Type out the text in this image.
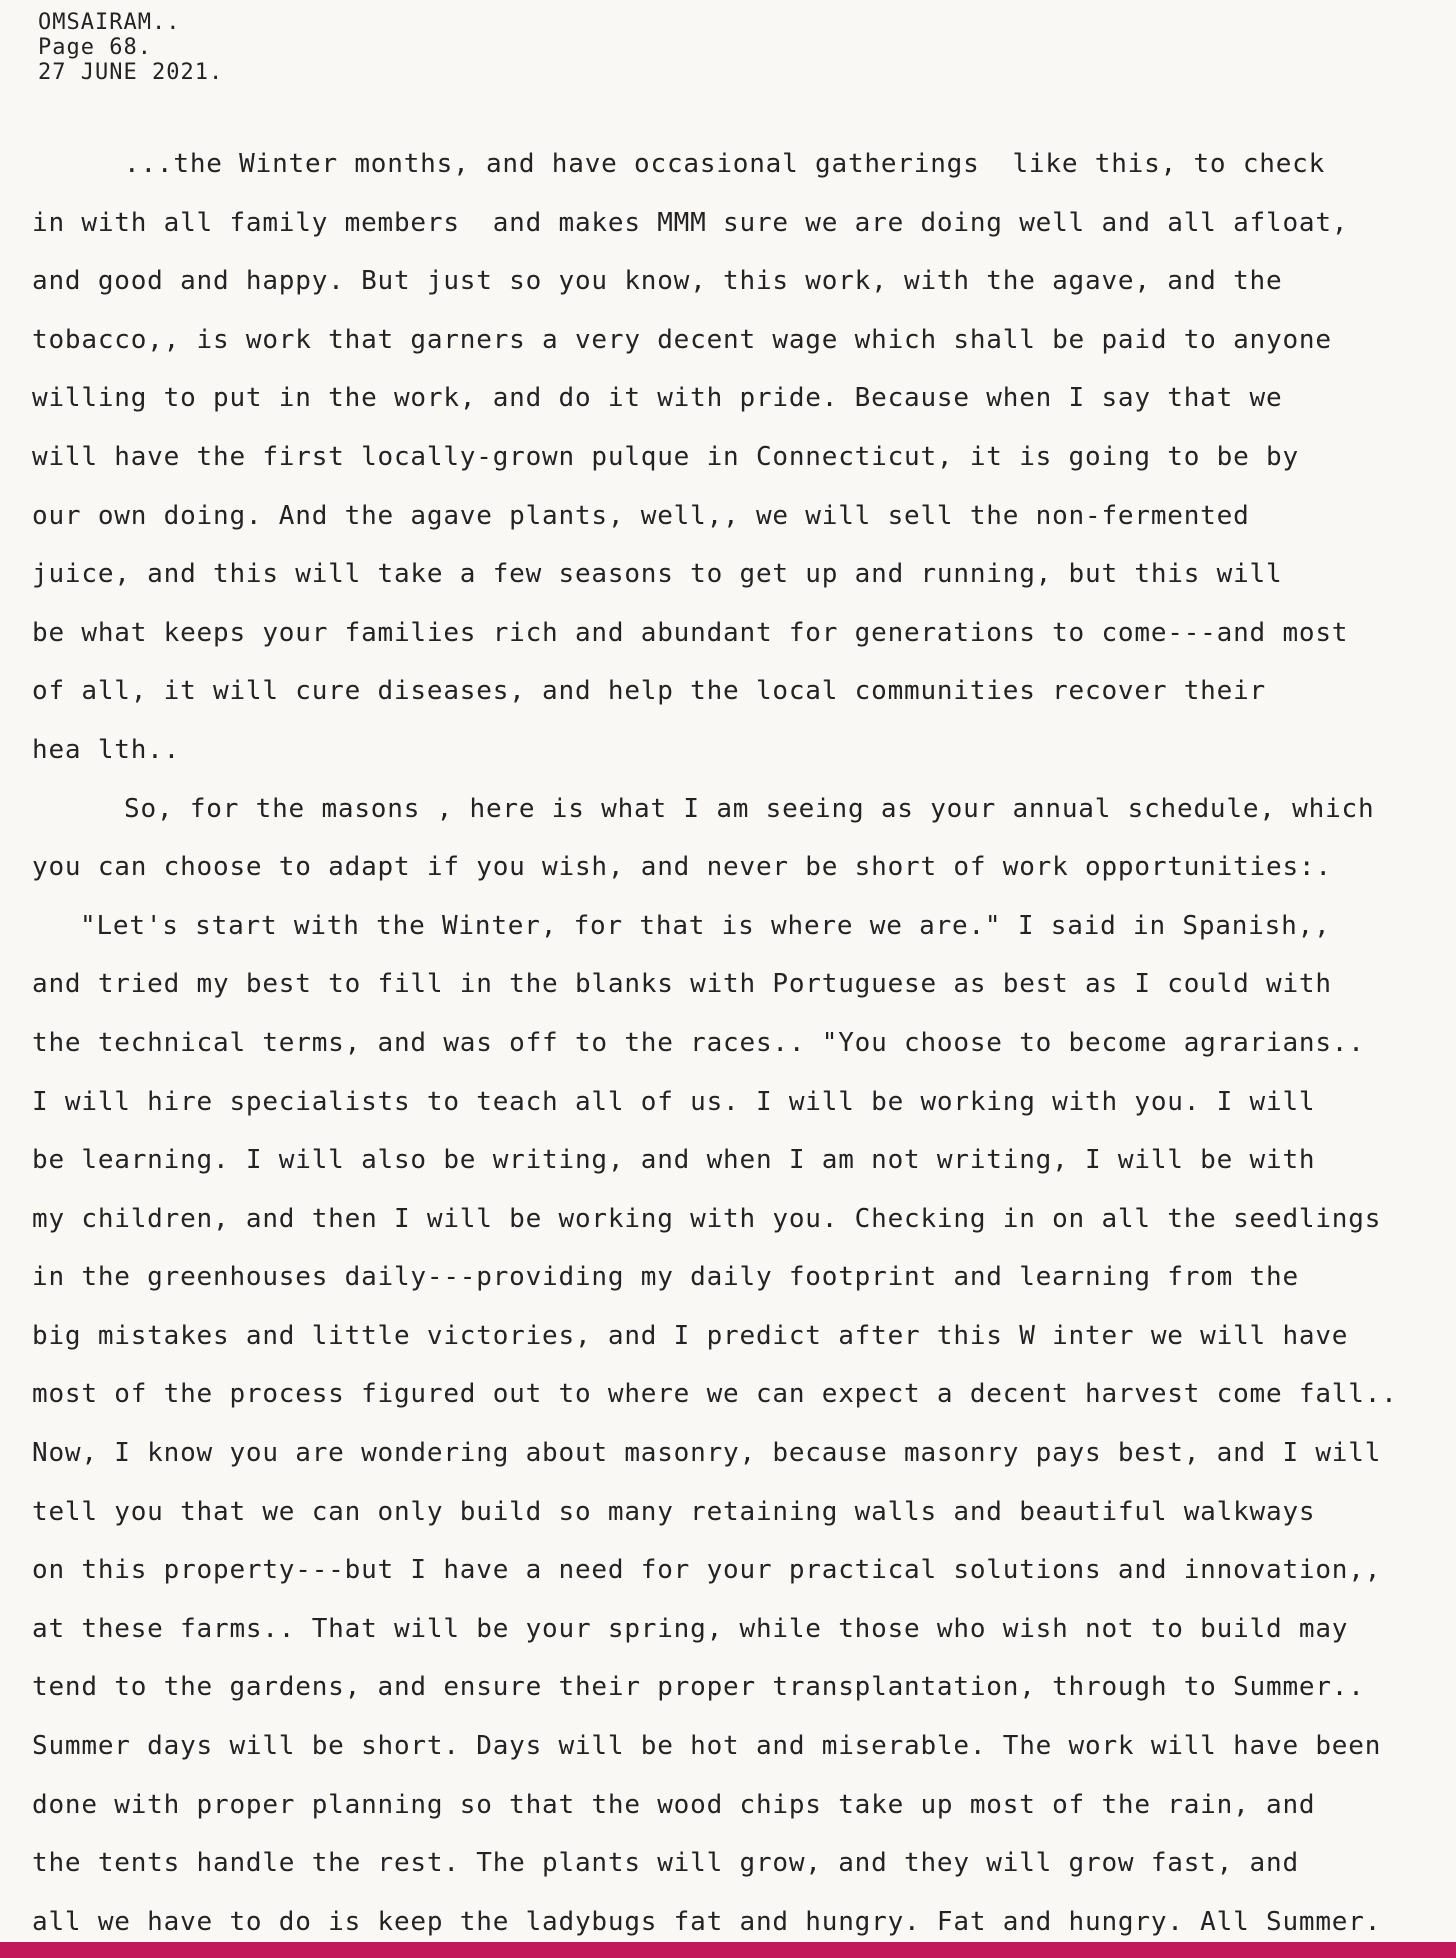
OMSAIRAM..
Page 68.
27 JUNE 2021.
...the Winter months, and have occasional gatherings  like this, to check
in with all family members  and makes MMM sure we are doing well and all afloat,
and good and happy. But just so you know, this work, with the agave, and the
tobacco,, is work that garners a very decent wage which shall be paid to anyone
willing to put in the work, and do it with pride. Because when I say that we
will have the first locally-grown pulque in Connecticut, it is going to be by
our own doing. And the agave plants, well,, we will sell the non-fermented
juice, and this will take a few seasons to get up and running, but this will
be what keeps your families rich and abundant for generations to come---and most
of all, it will cure diseases, and help the local communities recover their
hea lth..
So, for the masons , here is what I am seeing as your annual schedule, which
you can choose to adapt if you wish, and never be short of work opportunities:.
"Let's start with the Winter, for that is where we are." I said in Spanish,,
and tried my best to fill in the blanks with Portuguese as best as I could with
the technical terms, and was off to the races.. "You choose to become agrarians..
I will hire specialists to teach all of us. I will be working with you. I will
be learning. I will also be writing, and when I am not writing, I will be with
my children, and then I will be working with you. Checking in on all the seedlings
in the greenhouses daily---providing my daily footprint and learning from the
big mistakes and little victories, and I predict after this W inter we will have
most of the process figured out to where we can expect a decent harvest come fall..
Now, I know you are wondering about masonry, because masonry pays best, and I will
tell you that we can only build so many retaining walls and beautiful walkways
on this property---but I have a need for your practical solutions and innovation,,
at these farms.. That will be your spring, while those who wish not to build may
tend to the gardens, and ensure their proper transplantation, through to Summer..
Summer days will be short. Days will be hot and miserable. The work will have been
done with proper planning so that the wood chips take up most of the rain, and
the tents handle the rest. The plants will grow, and they will grow fast, and
all we have to do is keep the ladybugs fat and hungry. Fat and hungry. All Summer.
